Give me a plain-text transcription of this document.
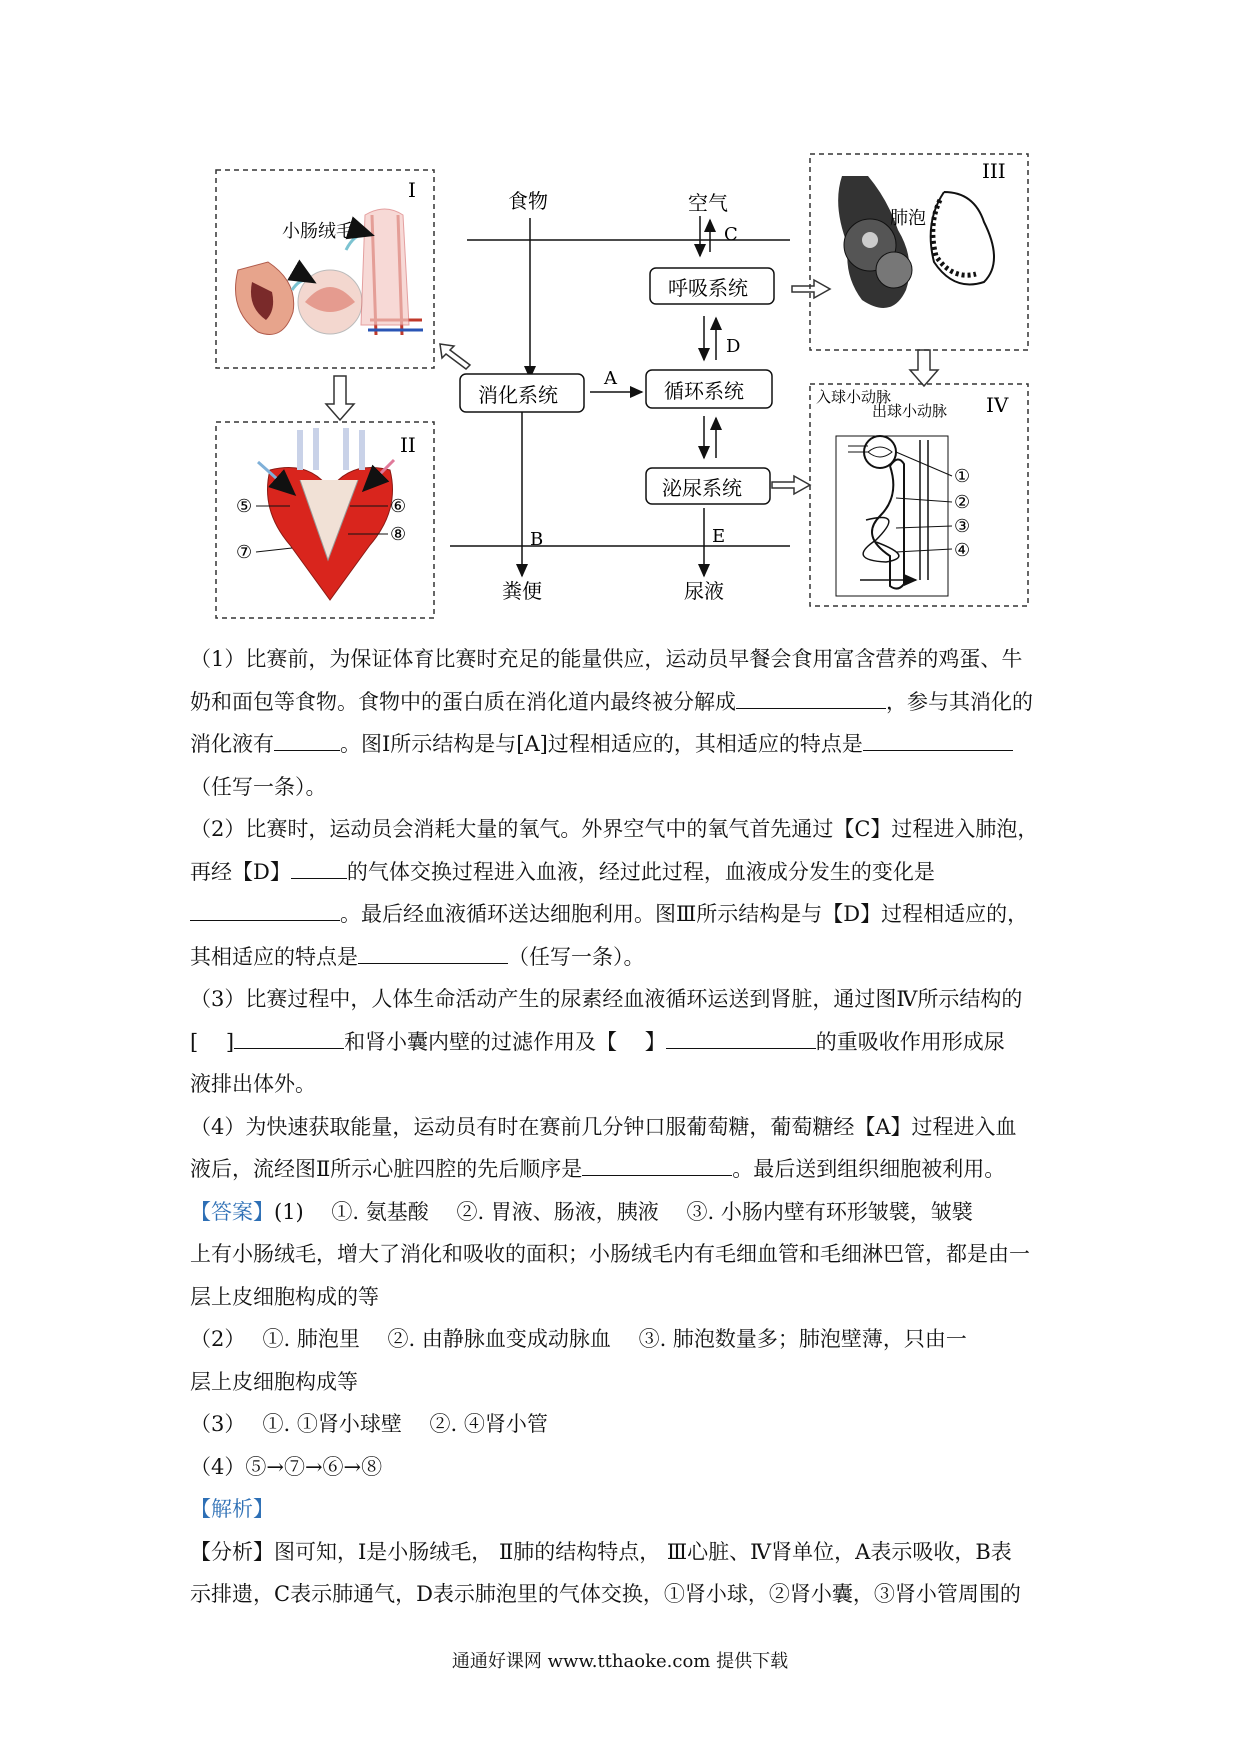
I
小肠绒毛
II
⑤
⑦
⑥
⑧
食物	空气
C
呼吸系统
D
消化系统
A
循环系统
泌尿系统
B	E
粪便	尿液
III
肺泡
IV
入球小动脉
出球小动脉
①
②
③
④

（1）比赛前，为保证体育比赛时充足的能量供应，运动员早餐会食用富含营养的鸡蛋、牛

奶和面包等食物。食物中的蛋白质在消化道内最终被分解成	，参与其消化的

消化液有	。图Ⅰ所示结构是与[A]过程相适应的，其相适应的特点是

（任写一条）。

（2）比赛时，运动员会消耗大量的氧气。外界空气中的氧气首先通过【C】过程进入肺泡，

再经【D】	的气体交换过程进入血液，经过此过程，血液成分发生的变化是

。最后经血液循环送达细胞利用。图Ⅲ所示结构是与【D】过程相适应的，

其相适应的特点是	（任写一条）。

（3）比赛过程中，人体生命活动产生的尿素经血液循环运送到肾脏，通过图Ⅳ所示结构的

[　 ]	和肾小囊内壁的过滤作用及【　 】	的重吸收作用形成尿

液排出体外。

（4）为快速获取能量，运动员有时在赛前几分钟口服葡萄糖，葡萄糖经【A】过程进入血

液后，流经图Ⅱ所示心脏四腔的先后顺序是	。最后送到组织细胞被利用。

【答案】(1)　 ①. 氨基酸　 ②. 胃液、肠液，胰液　 ③. 小肠内壁有环形皱襞，皱襞

上有小肠绒毛，增大了消化和吸收的面积；小肠绒毛内有毛细血管和毛细淋巴管，都是由一

层上皮细胞构成的等

（2）　 ①. 肺泡里　 ②. 由静脉血变成动脉血　 ③. 肺泡数量多；肺泡壁薄，只由一

层上皮细胞构成等

（3）　 ①. ①肾小球壁　 ②. ④肾小管

（4）⑤→⑦→⑥→⑧

【解析】

【分析】图可知，Ⅰ是小肠绒毛， Ⅱ肺的结构特点， Ⅲ心脏、Ⅳ肾单位，A表示吸收，B表

示排遗，C表示肺通气，D表示肺泡里的气体交换，①肾小球，②肾小囊，③肾小管周围的

通通好课网 www.tthaoke.com 提供下载
